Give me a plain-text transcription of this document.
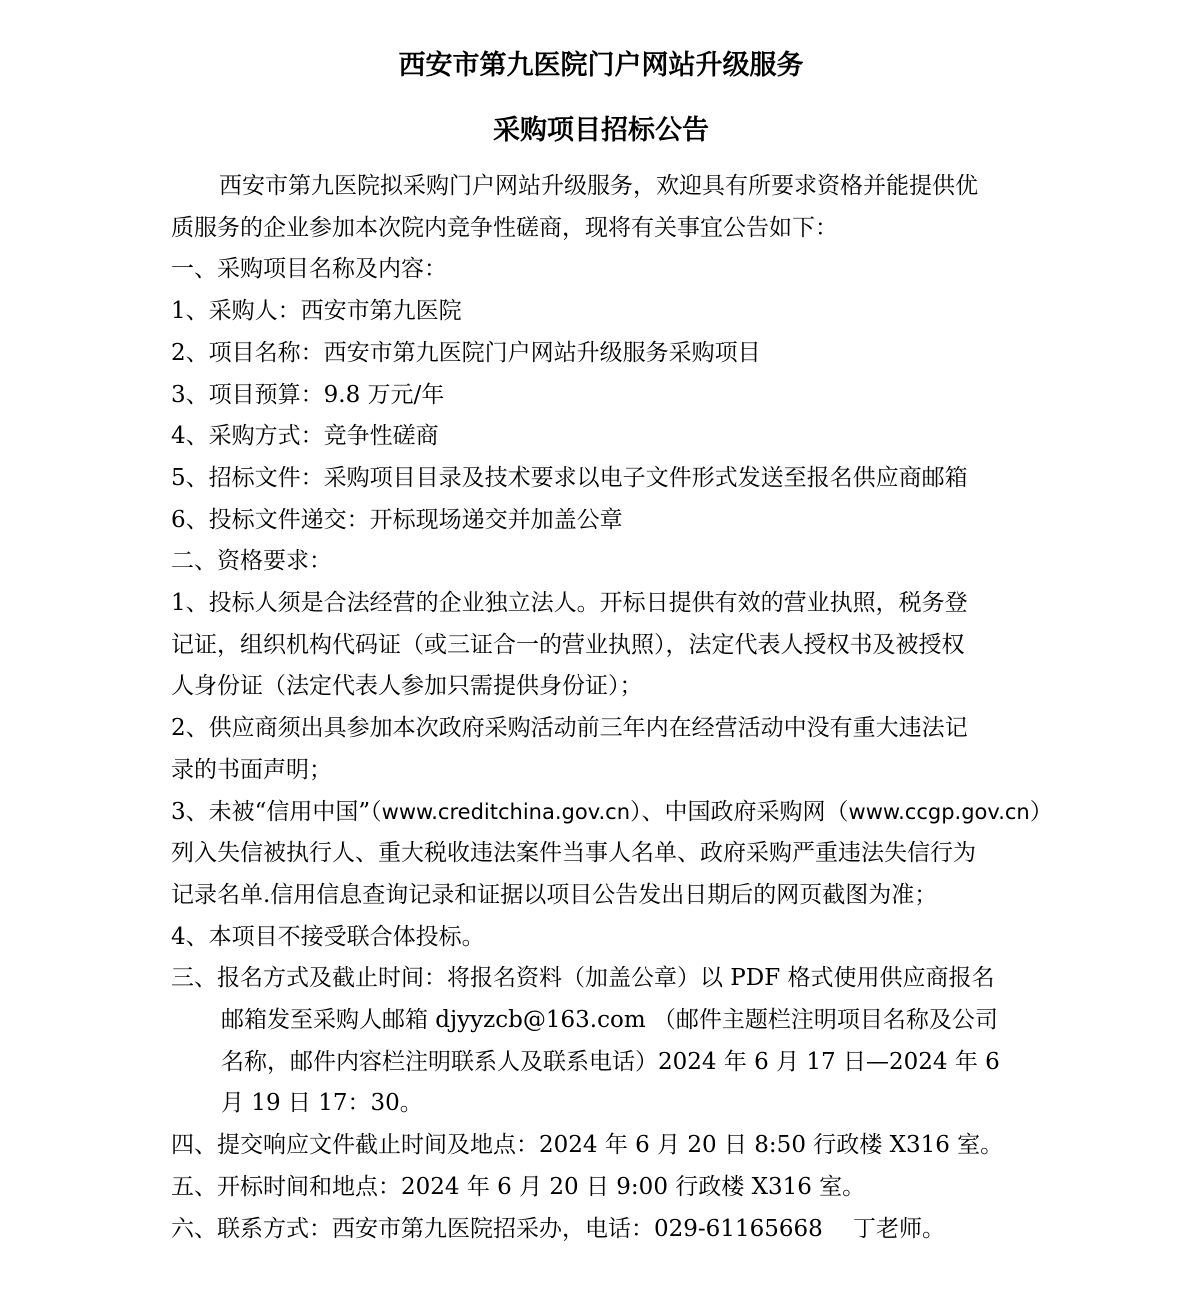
西安市第九医院门户网站升级服务
采购项目招标公告

西安市第九医院拟采购门户网站升级服务，欢迎具有所要求资格并能提供优

质服务的企业参加本次院内竞争性磋商，现将有关事宜公告如下：

一、采购项目名称及内容：

1、采购人：西安市第九医院

2、项目名称：西安市第九医院门户网站升级服务采购项目

3、项目预算：9.8 万元/年

4、采购方式：竞争性磋商

5、招标文件：采购项目目录及技术要求以电子文件形式发送至报名供应商邮箱

6、投标文件递交：开标现场递交并加盖公章

二、资格要求：

1、投标人须是合法经营的企业独立法人。开标日提供有效的营业执照，税务登

记证，组织机构代码证（或三证合一的营业执照），法定代表人授权书及被授权

人身份证（法定代表人参加只需提供身份证）；

2、供应商须出具参加本次政府采购活动前三年内在经营活动中没有重大违法记

录的书面声明；

3、未被“信用中国”（www.creditchina.gov.cn）、中国政府采购网（www.ccgp.gov.cn）

列入失信被执行人、重大税收违法案件当事人名单、政府采购严重违法失信行为

记录名单.信用信息查询记录和证据以项目公告发出日期后的网页截图为准；

4、本项目不接受联合体投标。

三、报名方式及截止时间：将报名资料（加盖公章）以 PDF 格式使用供应商报名

邮箱发至采购人邮箱 djyyzcb@163.com （邮件主题栏注明项目名称及公司

名称，邮件内容栏注明联系人及联系电话）2024 年 6 月 17 日—2024 年 6

月 19 日 17：30。

四、提交响应文件截止时间及地点：2024 年 6 月 20 日 8:50 行政楼 X316 室。

五、开标时间和地点：2024 年 6 月 20 日 9:00 行政楼 X316 室。

六、联系方式：西安市第九医院招采办，电话：029-61165668　 丁老师。
